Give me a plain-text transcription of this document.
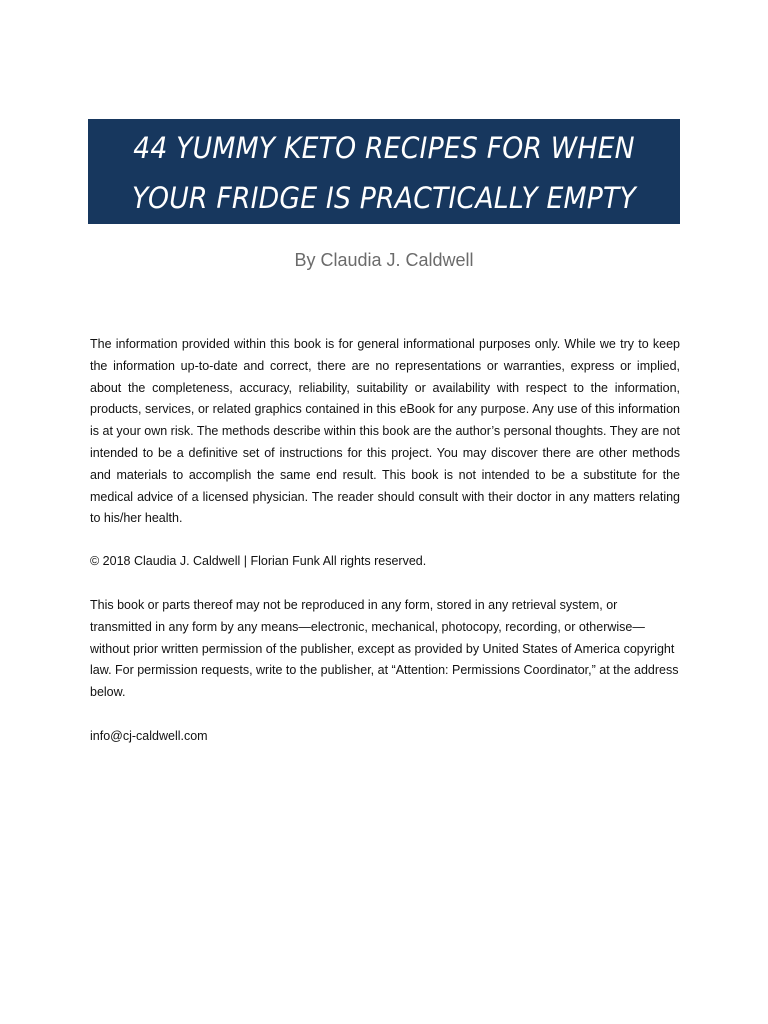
44 YUMMY KETO RECIPES FOR WHEN
YOUR FRIDGE IS PRACTICALLY EMPTY
By Claudia J. Caldwell

The information provided within this book is for general informational purposes only. While we try to keep the information up-to-date and correct, there are no representations or warranties, express or implied, about the completeness, accuracy, reliability, suitability or availability with respect to the information, products, services, or related graphics contained in this eBook for any purpose. Any use of this information is at your own risk. The methods describe within this book are the author’s personal thoughts. They are not intended to be a definitive set of instructions for this project. You may discover there are other methods and materials to accomplish the same end result. This book is not intended to be a substitute for the medical advice of a licensed physician. The reader should consult with their doctor in any matters relating to his/her health.

© 2018 Claudia J. Caldwell | Florian Funk All rights reserved.

This book or parts thereof may not be reproduced in any form, stored in any retrieval system, or transmitted in any form by any means—electronic, mechanical, photocopy, recording, or otherwise—without prior written permission of the publisher, except as provided by United States of America copyright law. For permission requests, write to the publisher, at “Attention: Permissions Coordinator,” at the address below.

info@cj-caldwell.com
